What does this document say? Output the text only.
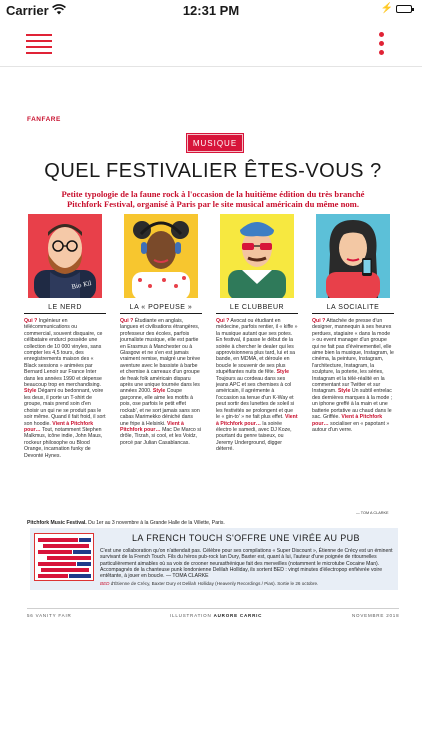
Carrier	12:31 PM	⚡
FANFARE
MUSIQUE
QUEL FESTIVALIER ÊTES-VOUS ?
Petite typologie de la faune rock à l'occasion de la huitième édition du très branché Pitchfork Festival, organisé à Paris par le site musical américain du même nom.
Bio Kil
LE NERD	LA « POPEUSE »	LE CLUBBEUR	LA SOCIALITE
Qui ? Ingénieur en télécommunications ou commercial, souvent disquaire, ce célibataire endurci possède une collection de 10 000 vinyles, sans compter les 4,5 tours, des enregistrements maison des « Black sessions » animées par Bernard Lenoir sur France Inter dans les années 1990 et dépense beaucoup trop en merchandising. Style Dégarni ou bedonnant, voire les deux, il porte un T-shirt de groupe, mais prend soin d'en choisir un qui ne se produit pas le soir même. Quand il fait froid, il sort son hoodie. Vient à Pitchfork pour… Tout, notamment Stephen Malkmus, icône indie, John Maus, rockeur philosophe ou Blood Orange, incarnation funky de Devonté Hynes.
Qui ? Étudiante en anglais, langues et civilisations étrangères, professeur des écoles, parfois journaliste musique, elle est partie en Erasmus à Manchester ou à Glasgow et ne s'en est jamais vraiment remise, malgré une brève aventure avec le bassiste à barbe et chemise à carreaux d'un groupe de freak folk américain disparu après une unique tournée dans les années 2000. Style Coupe garçonne, elle aime les motifs à pois, ose parfois le petit effet rockab', et ne sort jamais sans son cabas Marimekko déniché dans une fripe à Helsinki. Vient à Pitchfork pour… Mac De Marco si drôle, Tirzah, si cool, et les Voidz, porcé par Julian Casablancas.
Qui ? Avocat ou étudiant en médecine, parfois rentier, il « kiffe » la musique autant que ses potes. En festival, il passe le début de la soirée à chercher le dealer qui les approvisionnera plus tard, lui et sa bande, en MDMA, et déroule en boucle le souvenir de ses plus stupéfiantes nuits de fête. Style Toujours au cordeau dans ses jeans APC et ses chemises à col américain, il agrémente à l'occasion sa tenue d'un K-Way et peut sortir des lunettes de soleil si les festivités se prolongent et que le « gin-to' » ne fait plus effet. Vient à Pitchfork pour… la soirée électro le samedi, avec DJ Koze, pourtant du genre taiseux, ou Jeremy Underground, digger déterré.
Qui ? Attachée de presse d'un designer, mannequin à ses heures perdues, stagiaire « dans la mode » ou event manager d'un groupe qui ne fait pas d'événementiel, elle aime bien la musique, Instagram, le cinéma, la peinture, Instagram, l'architecture, Instagram, la sculpture, la poterie, les séries, Instagram et la télé-réalité en la commentant sur Twitter et sur Instagram. Style Un subtil entrelac des dernières marques à la mode ; un iphone greffé à la main et une batterie portative au chaud dans le sac. Griffée. Vient à Pitchfork pour… socialiser en « papotant » autour d'un verre.
— TOM A CLARKE
Pitchfork Music Festival. Du 1er au 3 novembre à la Grande Halle de la Villette, Paris.
LA FRENCH TOUCH S'OFFRE UNE VIRÉE AU PUB
C'est une collaboration qu'on n'attendait pas. Célèbre pour ses compilations « Super Discount », Étienne de Crécy est un éminent survivant de la French Touch. Fils du héros pub-rock Ian Dury, Baxter est, quant à lui, l'auteur d'une poignée de ritournelles particulièrement aimables où sa voix de crooner neurasthénique fait des merveilles (notamment le microtube Cocaine Man). Accompagnés de la chanteuse punk londonienne Delilah Holliday, ils sortent BED : vingt minutes d'électropop enfiévrée voire entêtante, à jouer en boucle. — TOMA CLARKE
BED d'Étienne de Crécy, Baxter Dury et Delilah Holliday (Heavenly Recordings / Pias). Sortie le 26 octobre.
56 VANITY FAIR	ILLUSTRATION AURORE CARRIC	NOVEMBRE 2018
